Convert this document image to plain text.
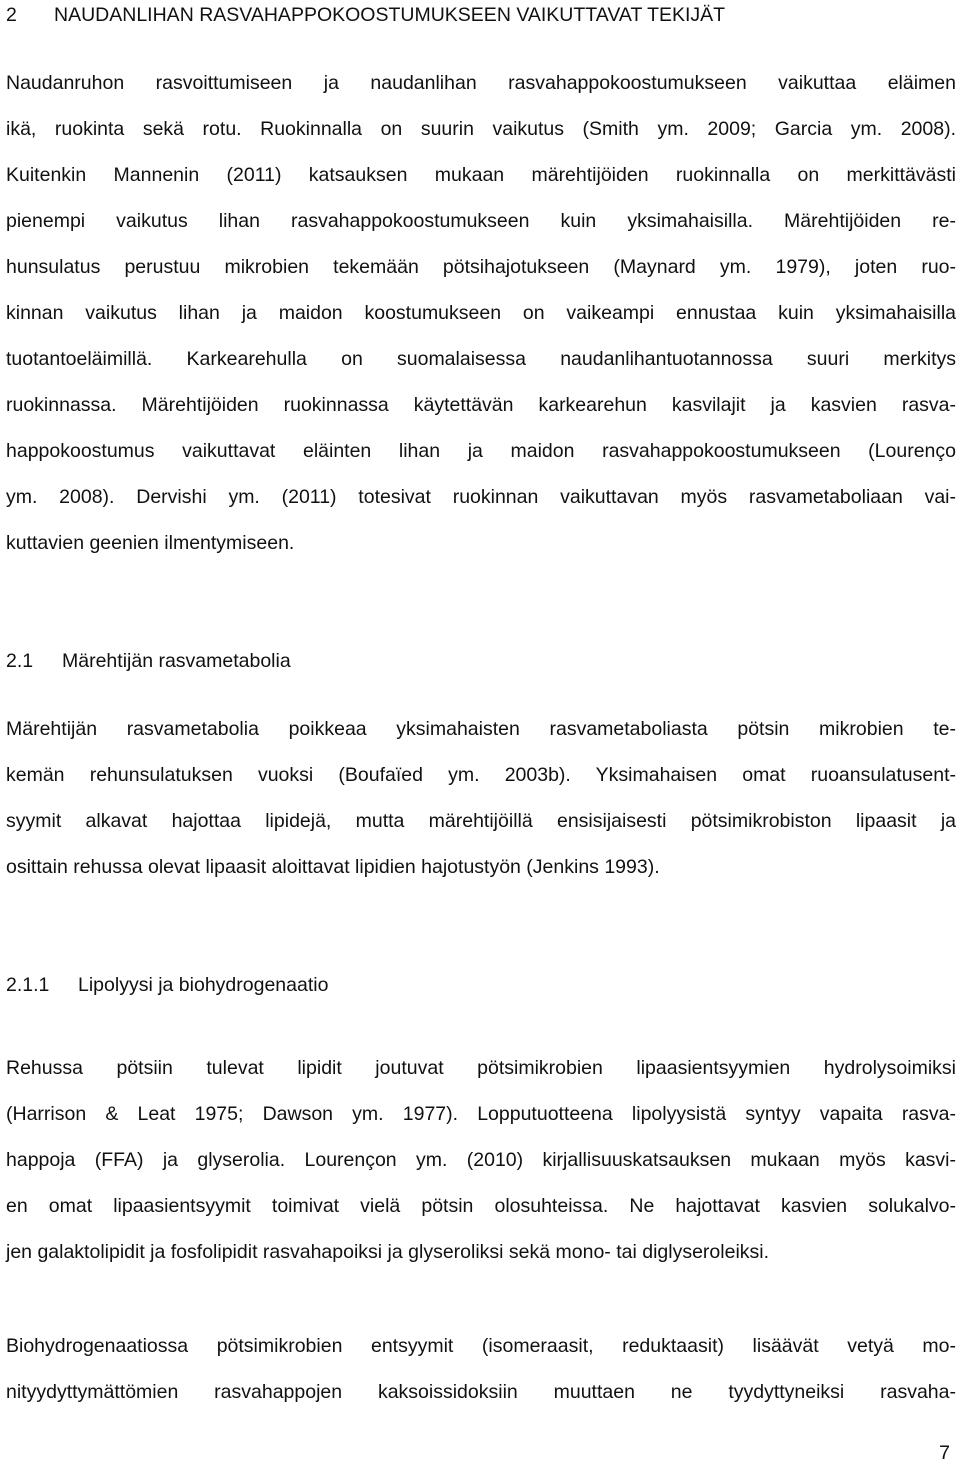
2 NAUDANLIHAN RASVAHAPPOKOOSTUMUKSEEN VAIKUTTAVAT TEKIJÄT
Naudanruhon rasvoittumiseen ja naudanlihan rasvahappokoostumukseen vaikuttaa eläimen
ikä, ruokinta sekä rotu. Ruokinnalla on suurin vaikutus (Smith ym. 2009; Garcia ym. 2008).
Kuitenkin Mannenin (2011) katsauksen mukaan märehtijöiden ruokinnalla on merkittävästi
pienempi vaikutus lihan rasvahappokoostumukseen kuin yksimahaisilla. Märehtijöiden re-
hunsulatus perustuu mikrobien tekemään pötsihajotukseen (Maynard ym. 1979), joten ruo-
kinnan vaikutus lihan ja maidon koostumukseen on vaikeampi ennustaa kuin yksimahaisilla
tuotantoeläimillä. Karkearehulla on suomalaisessa naudanlihantuotannossa suuri merkitys
ruokinnassa. Märehtijöiden ruokinnassa käytettävän karkearehun kasvilajit ja kasvien rasva-
happokoostumus vaikuttavat eläinten lihan ja maidon rasvahappokoostumukseen (Lourenço
ym. 2008). Dervishi ym. (2011) totesivat ruokinnan vaikuttavan myös rasvametaboliaan vai-
kuttavien geenien ilmentymiseen.
2.1 Märehtijän rasvametabolia
Märehtijän rasvametabolia poikkeaa yksimahaisten rasvametaboliasta pötsin mikrobien te-
kemän rehunsulatuksen vuoksi (Boufaïed ym. 2003b). Yksimahaisen omat ruoansulatusent-
syymit alkavat hajottaa lipidejä, mutta märehtijöillä ensisijaisesti pötsimikrobiston lipaasit ja
osittain rehussa olevat lipaasit aloittavat lipidien hajotustyön (Jenkins 1993).
2.1.1 Lipolyysi ja biohydrogenaatio
Rehussa pötsiin tulevat lipidit joutuvat pötsimikrobien lipaasientsyymien hydrolysoimiksi
(Harrison & Leat 1975; Dawson ym. 1977). Lopputuotteena lipolyysistä syntyy vapaita rasva-
happoja (FFA) ja glyserolia. Lourençon ym. (2010) kirjallisuuskatsauksen mukaan myös kasvi-
en omat lipaasientsyymit toimivat vielä pötsin olosuhteissa. Ne hajottavat kasvien solukalvo-
jen galaktolipidit ja fosfolipidit rasvahapoiksi ja glyseroliksi sekä mono- tai diglyseroleiksi.
Biohydrogenaatiossa pötsimikrobien entsyymit (isomeraasit, reduktaasit) lisäävät vetyä mo-
nityydyttymättömien rasvahappojen kaksoissidoksiin muuttaen ne tyydyttyneiksi rasvaha-
7
